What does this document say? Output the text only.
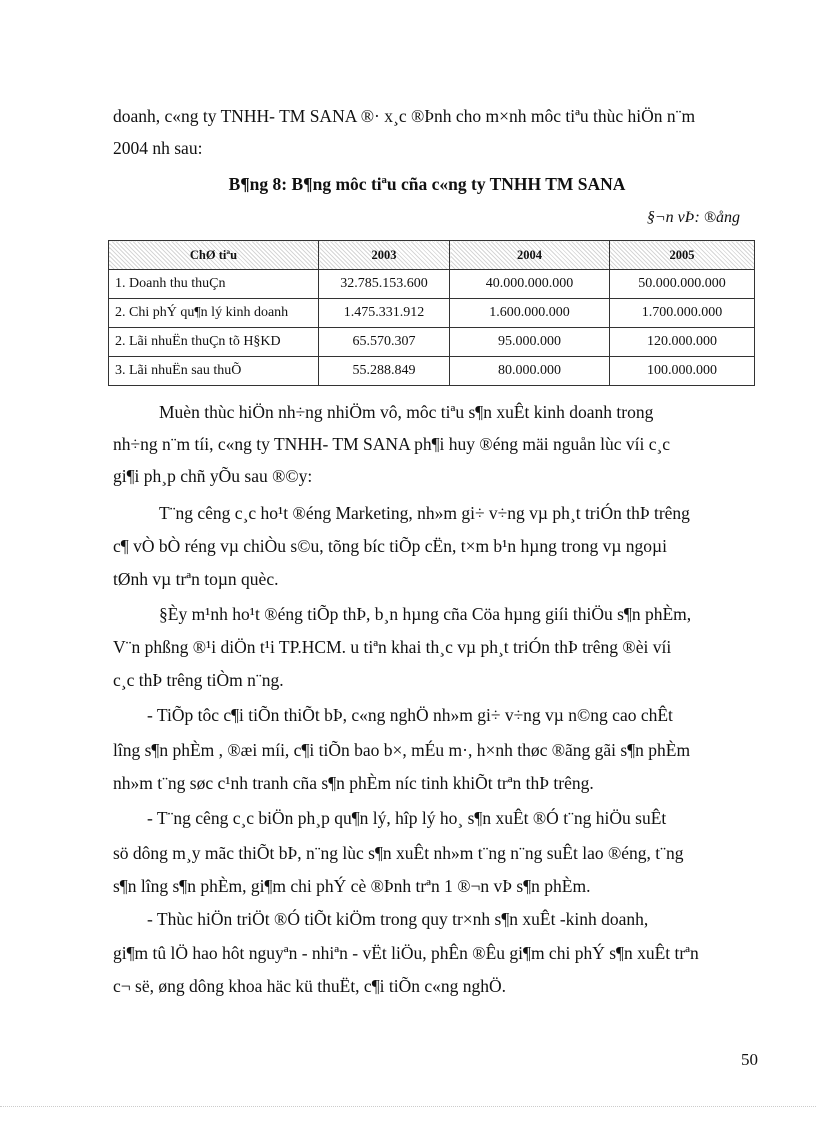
doanh, c«ng ty TNHH- TM SANA ®· x¸c ®Þnh cho m×nh môc tiªu thùc hiÖn n¨m
2004 nh sau:
B¶ng 8: B¶ng môc tiªu cña c«ng ty TNHH TM SANA
§¬n vÞ: ®ång
ChØ tiªu	2003	2004	2005
1. Doanh thu thuÇn	32.785.153.600	40.000.000.000	50.000.000.000
2. Chi phÝ qu¶n lý kinh doanh	1.475.331.912	1.600.000.000	1.700.000.000
2. Lãi nhuËn thuÇn tõ H§KD	65.570.307	95.000.000	120.000.000
3. Lãi nhuËn sau thuÕ	55.288.849	80.000.000	100.000.000
Muèn thùc hiÖn nh÷ng nhiÖm vô, môc tiªu s¶n xuÊt kinh doanh trong
nh÷ng n¨m tíi, c«ng ty TNHH- TM SANA ph¶i huy ®éng mäi nguån lùc víi c¸c
gi¶i ph¸p chñ yÕu sau ®©y:
T¨ng cêng c¸c ho¹t ®éng Marketing, nh»m gi÷ v÷ng vµ ph¸t triÓn thÞ trêng
c¶ vÒ bÒ réng vµ chiÒu s©u, tõng bíc tiÕp cËn, t×m b¹n hµng trong vµ ngoµi
tØnh vµ trªn toµn quèc.
§Èy m¹nh ho¹t ®éng tiÕp thÞ, b¸n hµng cña Cöa hµng giíi thiÖu s¶n phÈm,
V¨n phßng ®¹i diÖn t¹i TP.HCM. u tiªn khai th¸c vµ ph¸t triÓn thÞ trêng ®èi víi
c¸c thÞ trêng tiÒm n¨ng.
- TiÕp tôc c¶i tiÕn thiÕt bÞ, c«ng nghÖ nh»m gi÷ v÷ng vµ n©ng cao chÊt
lîng s¶n phÈm , ®æi míi, c¶i tiÕn bao b×, mÉu m·, h×nh thøc ®ãng gãi s¶n phÈm
nh»m t¨ng søc c¹nh tranh cña s¶n phÈm níc tinh khiÕt trªn thÞ trêng.
- T¨ng cêng c¸c biÖn ph¸p qu¶n lý, hîp lý ho¸ s¶n xuÊt ®Ó t¨ng hiÖu suÊt
sö dông m¸y mãc thiÕt bÞ, n¨ng lùc s¶n xuÊt nh»m t¨ng n¨ng suÊt lao ®éng, t¨ng
s¶n lîng s¶n phÈm, gi¶m chi phÝ cè ®Þnh trªn 1 ®¬n vÞ s¶n phÈm.
- Thùc hiÖn triÖt ®Ó tiÕt kiÖm trong quy tr×nh s¶n xuÊt -kinh doanh,
gi¶m tû lÖ hao hôt nguyªn - nhiªn - vËt liÖu, phÊn ®Êu gi¶m chi phÝ s¶n xuÊt trªn
c¬ së, øng dông khoa häc kü thuËt, c¶i tiÕn c«ng nghÖ.
50
